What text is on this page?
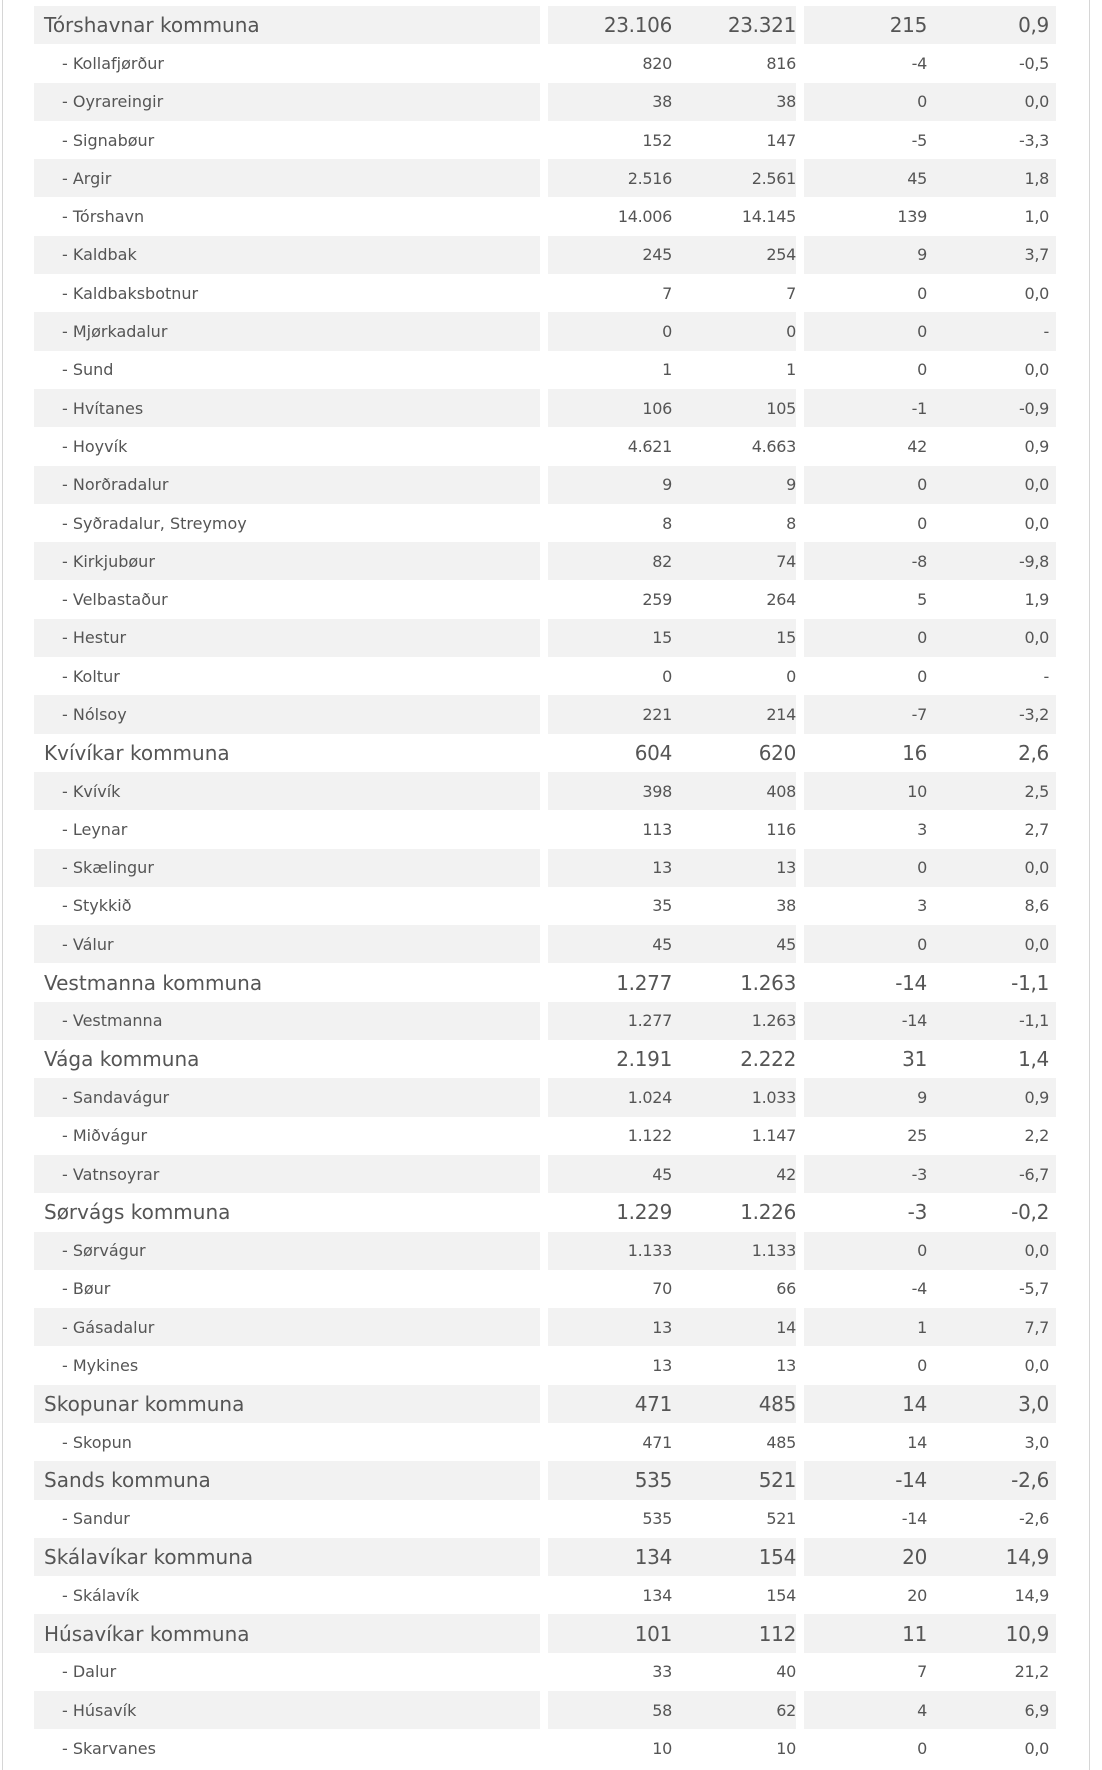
Tórshavnar kommuna	23.106	23.321	215	0,9
- Kollafjørður	820	816	-4	-0,5
- Oyrareingir	38	38	0	0,0
- Signabøur	152	147	-5	-3,3
- Argir	2.516	2.561	45	1,8
- Tórshavn	14.006	14.145	139	1,0
- Kaldbak	245	254	9	3,7
- Kaldbaksbotnur	7	7	0	0,0
- Mjørkadalur	0	0	0	-
- Sund	1	1	0	0,0
- Hvítanes	106	105	-1	-0,9
- Hoyvík	4.621	4.663	42	0,9
- Norðradalur	9	9	0	0,0
- Syðradalur, Streymoy	8	8	0	0,0
- Kirkjubøur	82	74	-8	-9,8
- Velbastaður	259	264	5	1,9
- Hestur	15	15	0	0,0
- Koltur	0	0	0	-
- Nólsoy	221	214	-7	-3,2
Kvívíkar kommuna	604	620	16	2,6
- Kvívík	398	408	10	2,5
- Leynar	113	116	3	2,7
- Skælingur	13	13	0	0,0
- Stykkið	35	38	3	8,6
- Válur	45	45	0	0,0
Vestmanna kommuna	1.277	1.263	-14	-1,1
- Vestmanna	1.277	1.263	-14	-1,1
Vága kommuna	2.191	2.222	31	1,4
- Sandavágur	1.024	1.033	9	0,9
- Miðvágur	1.122	1.147	25	2,2
- Vatnsoyrar	45	42	-3	-6,7
Sørvágs kommuna	1.229	1.226	-3	-0,2
- Sørvágur	1.133	1.133	0	0,0
- Bøur	70	66	-4	-5,7
- Gásadalur	13	14	1	7,7
- Mykines	13	13	0	0,0
Skopunar kommuna	471	485	14	3,0
- Skopun	471	485	14	3,0
Sands kommuna	535	521	-14	-2,6
- Sandur	535	521	-14	-2,6
Skálavíkar kommuna	134	154	20	14,9
- Skálavík	134	154	20	14,9
Húsavíkar kommuna	101	112	11	10,9
- Dalur	33	40	7	21,2
- Húsavík	58	62	4	6,9
- Skarvanes	10	10	0	0,0
